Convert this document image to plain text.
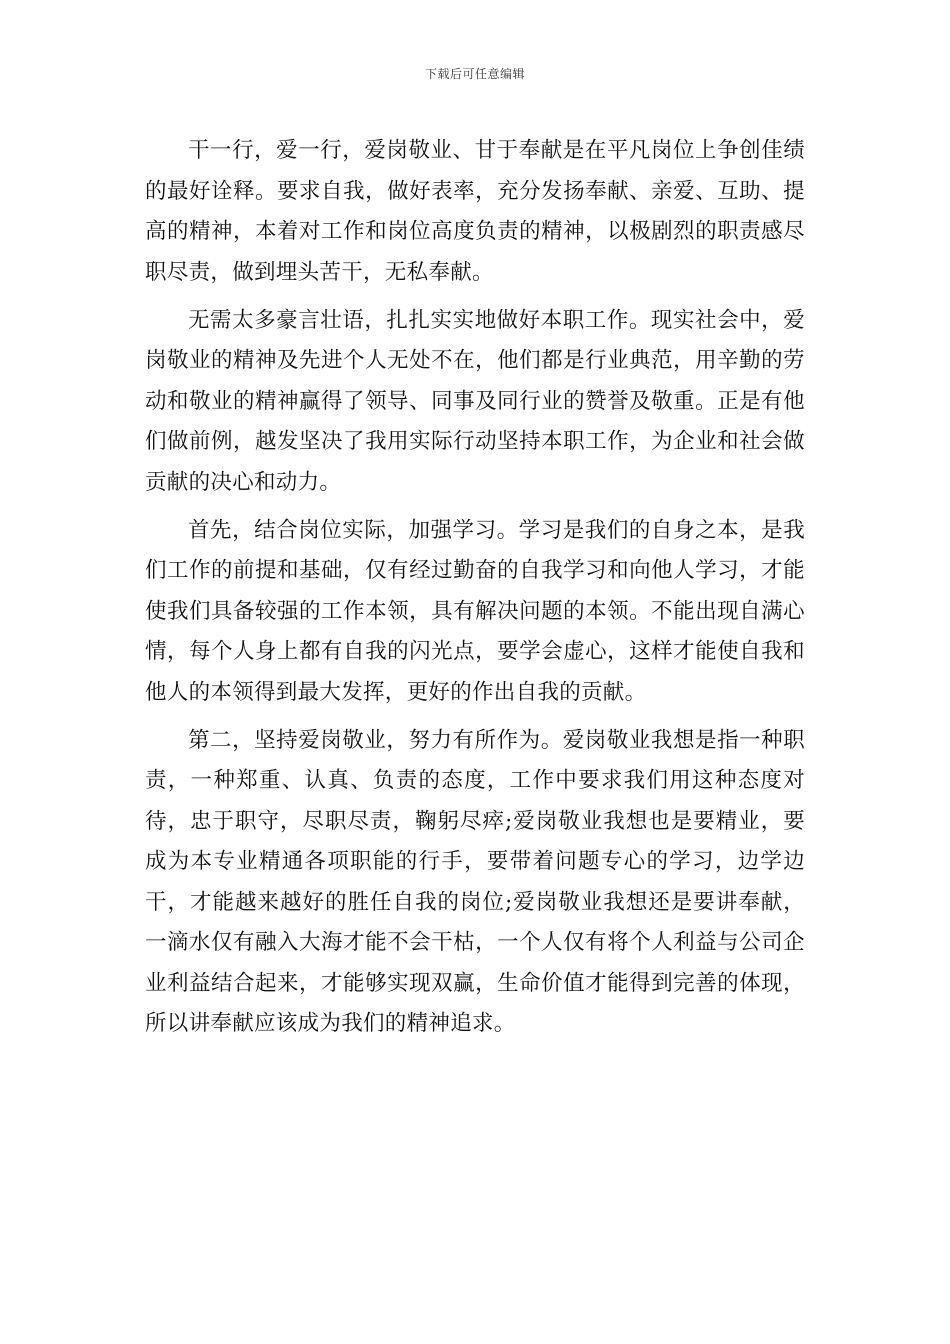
下载后可任意编辑

干一行，爱一行，爱岗敬业、甘于奉献是在平凡岗位上争创佳绩的最好诠释。要求自我，做好表率，充分发扬奉献、亲爱、互助、提高的精神，本着对工作和岗位高度负责的精神，以极剧烈的职责感尽职尽责，做到埋头苦干，无私奉献。

无需太多豪言壮语，扎扎实实地做好本职工作。现实社会中，爱岗敬业的精神及先进个人无处不在，他们都是行业典范，用辛勤的劳动和敬业的精神赢得了领导、同事及同行业的赞誉及敬重。正是有他们做前例，越发坚决了我用实际行动坚持本职工作，为企业和社会做贡献的决心和动力。

首先，结合岗位实际，加强学习。学习是我们的自身之本，是我们工作的前提和基础，仅有经过勤奋的自我学习和向他人学习，才能使我们具备较强的工作本领，具有解决问题的本领。不能出现自满心情，每个人身上都有自我的闪光点，要学会虚心，这样才能使自我和他人的本领得到最大发挥，更好的作出自我的贡献。

第二，坚持爱岗敬业，努力有所作为。爱岗敬业我想是指一种职责，一种郑重、认真、负责的态度，工作中要求我们用这种态度对待，忠于职守，尽职尽责，鞠躬尽瘁;爱岗敬业我想也是要精业，要成为本专业精通各项职能的行手，要带着问题专心的学习，边学边干，才能越来越好的胜任自我的岗位;爱岗敬业我想还是要讲奉献，一滴水仅有融入大海才能不会干枯，一个人仅有将个人利益与公司企业利益结合起来，才能够实现双赢，生命价值才能得到完善的体现，所以讲奉献应该成为我们的精神追求。
